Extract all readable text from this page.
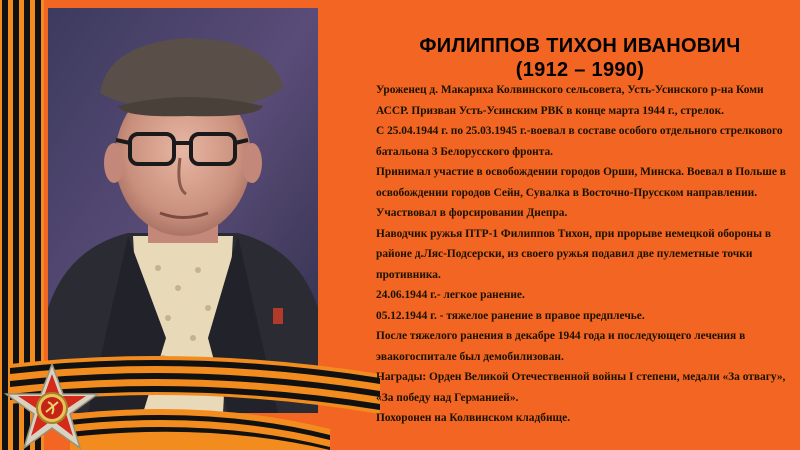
ФИЛИППОВ ТИХОН ИВАНОВИЧ
(1912 – 1990)

Уроженец д. Макариха Колвинского сельсовета, Усть-Усинского р-на Коми АССР. Призван Усть-Усинским РВК в конце марта 1944 г., стрелок.

С 25.04.1944 г. по 25.03.1945 г.-воевал в составе особого отдельного стрелкового батальона 3 Белорусского фронта.

Принимал участие в освобождении городов Орши, Минска. Воевал в Польше в освобождении городов Сейн, Сувалка в Восточно-Прусском направлении. Участвовал в форсировании Днепра.

Наводчик ружья ПТР-1 Филиппов Тихон, при прорыве немецкой обороны в районе д.Ляс-Подсерски, из своего ружья подавил две пулеметные точки противника.

24.06.1944 г.- легкое ранение.

05.12.1944 г. - тяжелое ранение в правое предплечье.

После тяжелого ранения в декабре 1944 года и последующего лечения в эвакогоспитале был демобилизован.

Награды: Орден Великой Отечественной войны I степени, медали «За отвагу», «За победу над Германией».

Похоронен на Колвинском кладбище.
